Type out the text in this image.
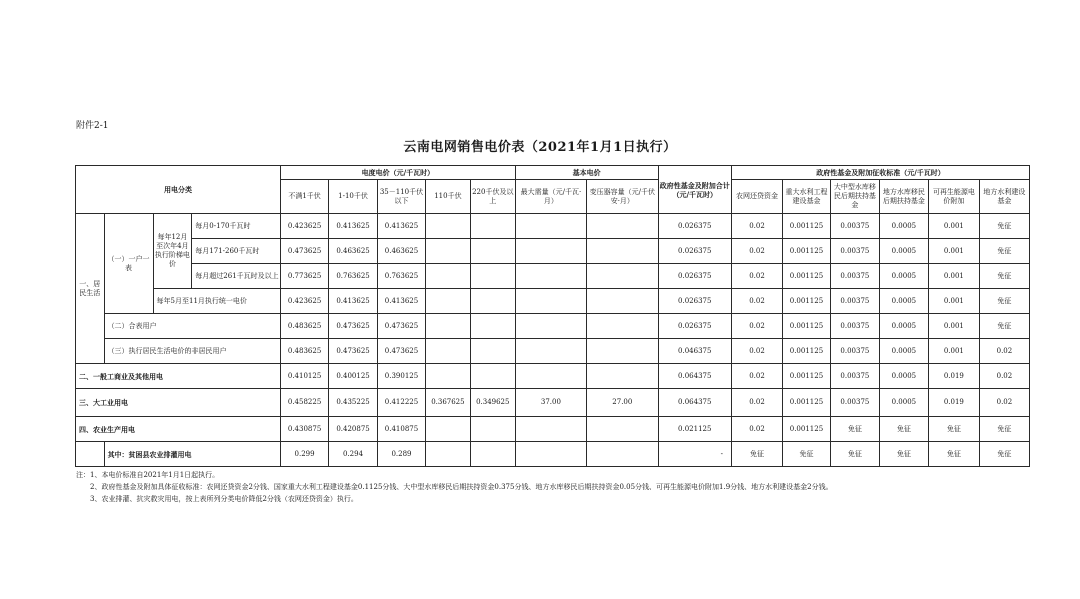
附件2-1
云南电网销售电价表（2021年1月1日执行）
用电分类				电度电价（元/千瓦时）					基本电价		政府性基金及附加合计（元/千瓦时）	政府性基金及附加征收标准（元/千瓦时）					
				不满1千伏	1-10千伏	35－110千伏以下	110千伏	220千伏及以上	最大需量（元/千瓦·月）	变压器容量（元/千伏安·月）		农网还贷资金	重大水利工程建设基金	大中型水库移民后期扶持基金	地方水库移民后期扶持基金	可再生能源电价附加	地方水利建设基金
一、居民生活	（一）一户一表	每年12月至次年4月执行阶梯电价	每月0-170千瓦时	0.423625	0.413625	0.413625					0.026375	0.02	0.001125	0.00375	0.0005	0.001	免征
			每月171-260千瓦时	0.473625	0.463625	0.463625					0.026375	0.02	0.001125	0.00375	0.0005	0.001	免征
			每月超过261千瓦时及以上	0.773625	0.763625	0.763625					0.026375	0.02	0.001125	0.00375	0.0005	0.001	免征
		每年5月至11月执行统一电价		0.423625	0.413625	0.413625					0.026375	0.02	0.001125	0.00375	0.0005	0.001	免征
	（二）合表用户			0.483625	0.473625	0.473625					0.026375	0.02	0.001125	0.00375	0.0005	0.001	免征
	（三）执行居民生活电价的非居民用户			0.483625	0.473625	0.473625					0.046375	0.02	0.001125	0.00375	0.0005	0.001	0.02
二、一般工商业及其他用电				0.410125	0.400125	0.390125					0.064375	0.02	0.001125	0.00375	0.0005	0.019	0.02
三、大工业用电				0.458225	0.435225	0.412225	0.367625	0.349625	37.00	27.00	0.064375	0.02	0.001125	0.00375	0.0005	0.019	0.02
四、农业生产用电				0.430875	0.420875	0.410875					0.021125	0.02	0.001125	免征	免征	免征	免征
	其中：贫困县农业排灌用电			0.299	0.294	0.289					-	免征	免征	免征	免征	免征	免征
注：1、本电价标准自2021年1月1日起执行。
2、政府性基金及附加具体征收标准：农网还贷资金2分钱、国家重大水利工程建设基金0.1125分钱、大中型水库移民后期扶持资金0.375分钱、地方水库移民后期扶持资金0.05分钱、可再生能源电价附加1.9分钱、地方水利建设基金2分钱。
3、农业排灌、抗灾救灾用电，按上表所列分类电价降低2分钱（农网还贷资金）执行。
